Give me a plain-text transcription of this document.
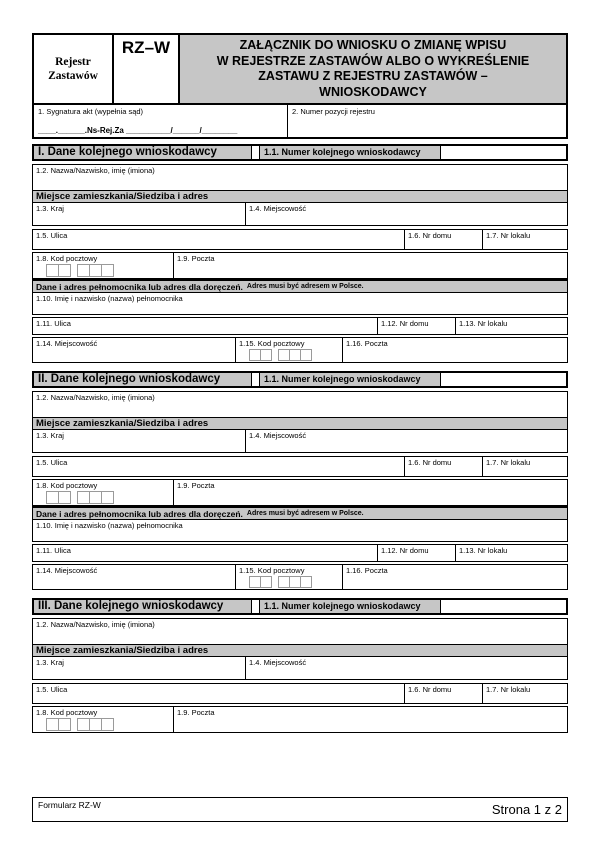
Rejestr
Zastawów
RZ–W	ZAŁĄCZNIK DO WNIOSKU O ZMIANĘ WPISU
W REJESTRZE ZASTAWÓW ALBO O WYKREŚLENIE
ZASTAWU Z REJESTRU ZASTAWÓW –
WNIOSKODAWCY
1. Sygnatura akt (wypełnia sąd)
____.______.Ns-Rej.Za __________/______/________
2. Numer pozycji rejestru
I. Dane kolejnego wnioskodawcy	1.1. Numer kolejnego wnioskodawcy
1.2. Nazwa/Nazwisko, imię (imiona)
Miejsce zamieszkania/Siedziba i adres
1.3. Kraj	1.4. Miejscowość
1.5. Ulica	1.6. Nr domu	1.7. Nr lokalu
1.8. Kod pocztowy	1.9. Poczta
Dane i adres pełnomocnika lub adres dla doręczeń. Adres musi być adresem w Polsce.
1.10. Imię i nazwisko (nazwa) pełnomocnika
1.11. Ulica	1.12. Nr domu	1.13. Nr lokalu
1.14. Miejscowość	1.15. Kod pocztowy	1.16. Poczta
II. Dane kolejnego wnioskodawcy	1.1. Numer kolejnego wnioskodawcy
1.2. Nazwa/Nazwisko, imię (imiona)
Miejsce zamieszkania/Siedziba i adres
1.3. Kraj	1.4. Miejscowość
1.5. Ulica	1.6. Nr domu	1.7. Nr lokalu
1.8. Kod pocztowy	1.9. Poczta
Dane i adres pełnomocnika lub adres dla doręczeń. Adres musi być adresem w Polsce.
1.10. Imię i nazwisko (nazwa) pełnomocnika
1.11. Ulica	1.12. Nr domu	1.13. Nr lokalu
1.14. Miejscowość	1.15. Kod pocztowy	1.16. Poczta
III. Dane kolejnego wnioskodawcy	1.1. Numer kolejnego wnioskodawcy
1.2. Nazwa/Nazwisko, imię (imiona)
Miejsce zamieszkania/Siedziba i adres
1.3. Kraj	1.4. Miejscowość
1.5. Ulica	1.6. Nr domu	1.7. Nr lokalu
1.8. Kod pocztowy	1.9. Poczta
Formularz RZ-W	Strona 1 z 2
